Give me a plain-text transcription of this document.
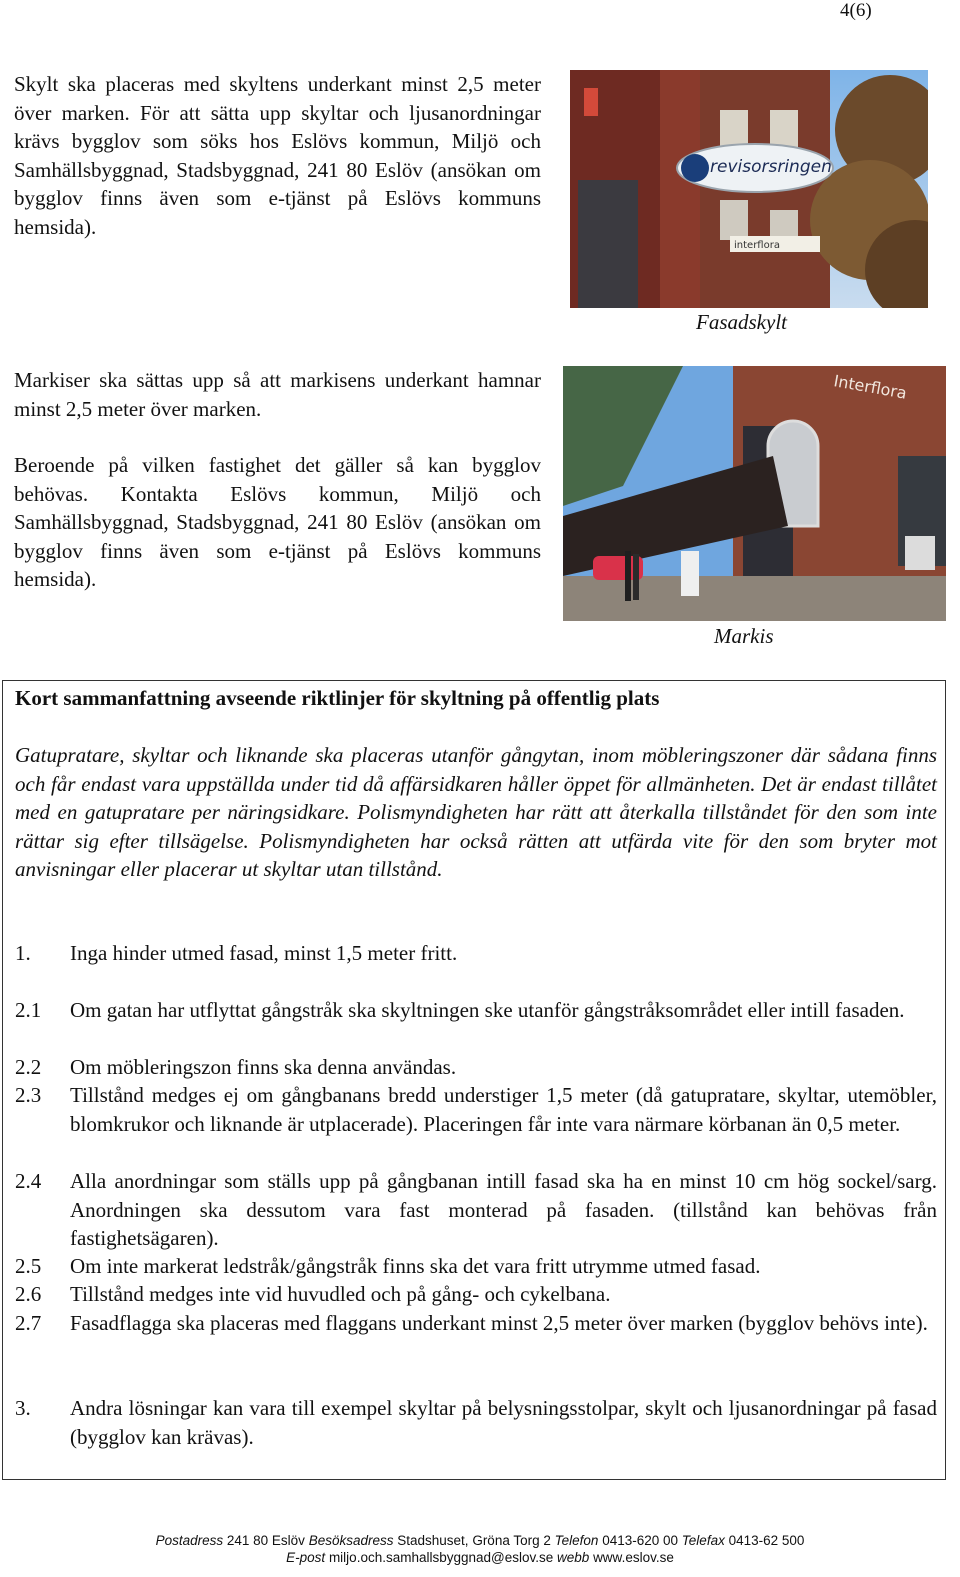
4(6)

Skylt ska placeras med skyltens underkant minst 2,5 meter över marken. För att sätta upp skyltar och ljusanordningar krävs bygglov som söks hos Eslövs kommun, Miljö och Samhällsbyggnad, Stadsbyggnad, 241 80 Eslöv (ansökan om bygglov finns även som e-tjänst på Eslövs kommuns hemsida).

Markiser ska sättas upp så att markisens underkant hamnar minst 2,5 meter över marken.

Beroende på vilken fastighet det gäller så kan bygglov behövas. Kontakta Eslövs kommun, Miljö och Samhällsbyggnad, Stadsbyggnad, 241 80 Eslöv (ansökan om bygglov finns även som e-tjänst på Eslövs kommuns hemsida).

revisorsringen
interflora
Fasadskylt
Interflora
Markis
Kort sammanfattning avseende riktlinjer för skyltning på offentlig plats

Gatupratare, skyltar och liknande ska placeras utanför gångytan, inom möbleringszoner där sådana finns och får endast vara uppställda under tid då affärsidkaren håller öppet för allmänheten. Det är endast tillåtet med en gatupratare per näringsidkare. Polismyndigheten har rätt att återkalla tillståndet för den som inte rättar sig efter tillsägelse. Polismyndigheten har också rätten att utfärda vite för den som bryter mot anvisningar eller placerar ut skyltar utan tillstånd.

1. Inga hinder utmed fasad, minst 1,5 meter fritt.
2.1 Om gatan har utflyttat gångstråk ska skyltningen ske utanför gångstråksområdet eller intill fasaden.
2.2 Om möbleringszon finns ska denna användas.
2.3 Tillstånd medges ej om gångbanans bredd understiger 1,5 meter (då gatupratare, skyltar, utemöbler, blomkrukor och liknande är utplacerade). Placeringen får inte vara närmare körbanan än 0,5 meter.
2.4 Alla anordningar som ställs upp på gångbanan intill fasad ska ha en minst 10 cm hög sockel/sarg. Anordningen ska dessutom vara fast monterad på fasaden. (tillstånd kan behövas från fastighetsägaren).
2.5 Om inte markerat ledstråk/gångstråk finns ska det vara fritt utrymme utmed fasad.
2.6 Tillstånd medges inte vid huvudled och på gång- och cykelbana.
2.7 Fasadflagga ska placeras med flaggans underkant minst 2,5 meter över marken (bygglov behövs inte).
3. Andra lösningar kan vara till exempel skyltar på belysningsstolpar, skylt och ljusanordningar på fasad (bygglov kan krävas).
Postadress 241 80 Eslöv Besöksadress Stadshuset, Gröna Torg 2 Telefon 0413-620 00 Telefax 0413-62 500
E-post miljo.och.samhallsbyggnad@eslov.se webb www.eslov.se
